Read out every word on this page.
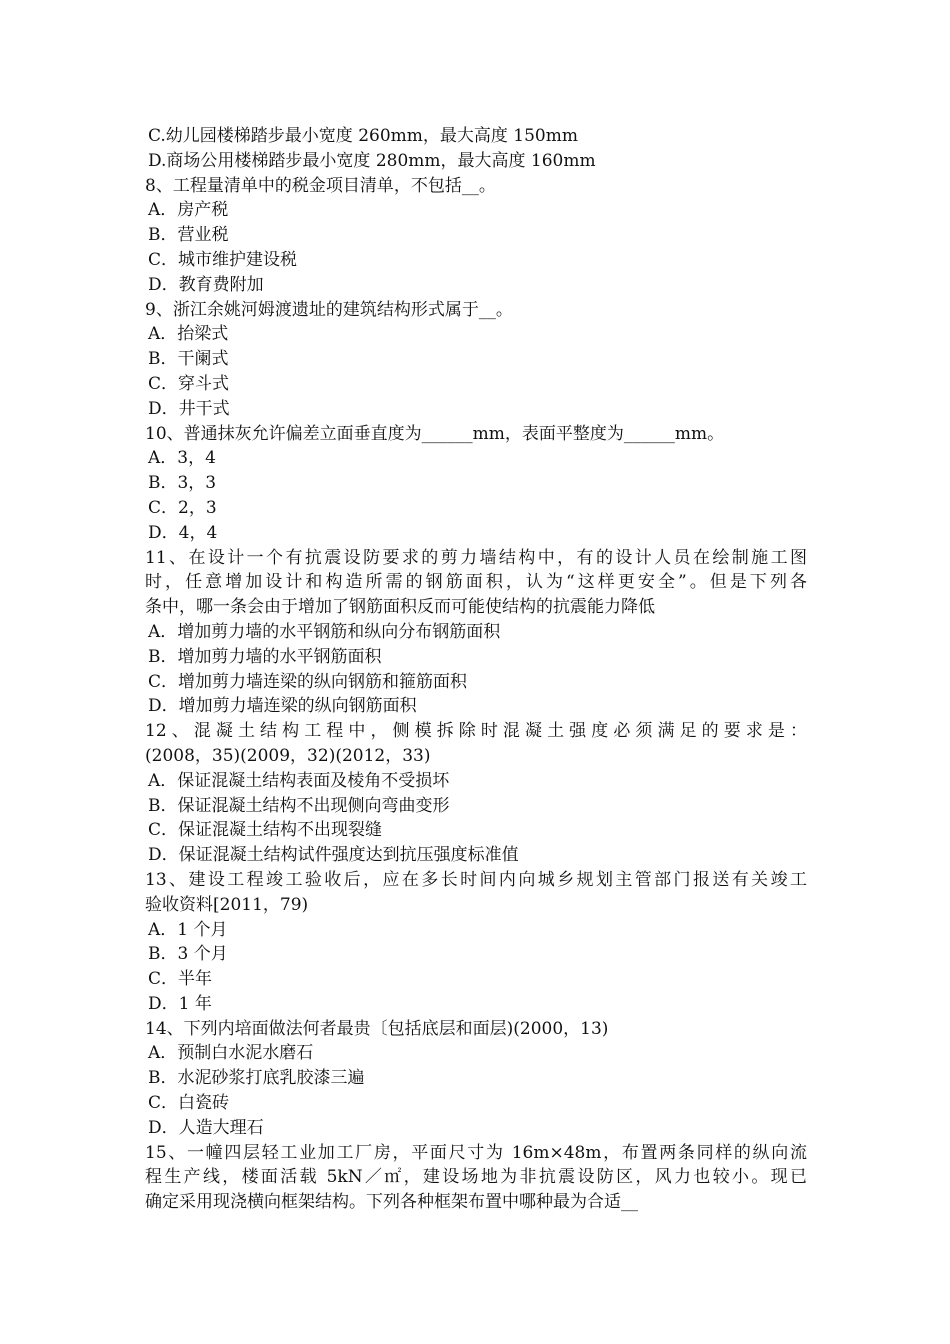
C.幼儿园楼梯踏步最小宽度 260mm，最大高度 150mm
D.商场公用楼梯踏步最小宽度 280mm，最大高度 160mm
8、工程量清单中的税金项目清单，不包括__。
A．房产税
B．营业税
C．城市维护建设税
D．教育费附加
9、浙江余姚河姆渡遗址的建筑结构形式属于__。
A．抬梁式
B．干阑式
C．穿斗式
D．井干式
10、普通抹灰允许偏差立面垂直度为______mm，表面平整度为______mm。
A．3，4
B．3，3
C．2，3
D．4，4
11、在设计一个有抗震设防要求的剪力墙结构中，有的设计人员在绘制施工图
时，任意增加设计和构造所需的钢筋面积，认为“这样更安全”。但是下列各
条中，哪一条会由于增加了钢筋面积反而可能使结构的抗震能力降低
A．增加剪力墙的水平钢筋和纵向分布钢筋面积
B．增加剪力墙的水平钢筋面积
C．增加剪力墙连梁的纵向钢筋和箍筋面积
D．增加剪力墙连梁的纵向钢筋面积
12、混凝土结构工程中，侧模拆除时混凝土强度必须满足的要求是：
(2008，35)(2009，32)(2012，33)
A．保证混凝土结构表面及棱角不受损坏
B．保证混凝土结构不出现侧向弯曲变形
C．保证混凝土结构不出现裂缝
D．保证混凝土结构试件强度达到抗压强度标准值
13、建设工程竣工验收后，应在多长时间内向城乡规划主管部门报送有关竣工
验收资料[2011，79)
A．1 个月
B．3 个月
C．半年
D．1 年
14、下列内培面做法何者最贵〔包括底层和面层)(2000，13)
A．预制白水泥水磨石
B．水泥砂浆打底乳胶漆三遍
C．白瓷砖
D．人造大理石
15、一幢四层轻工业加工厂房，平面尺寸为 16m×48m，布置两条同样的纵向流
程生产线，楼面活载 5kN／㎡，建设场地为非抗震设防区，风力也较小。现已
确定采用现浇横向框架结构。下列各种框架布置中哪种最为合适__
